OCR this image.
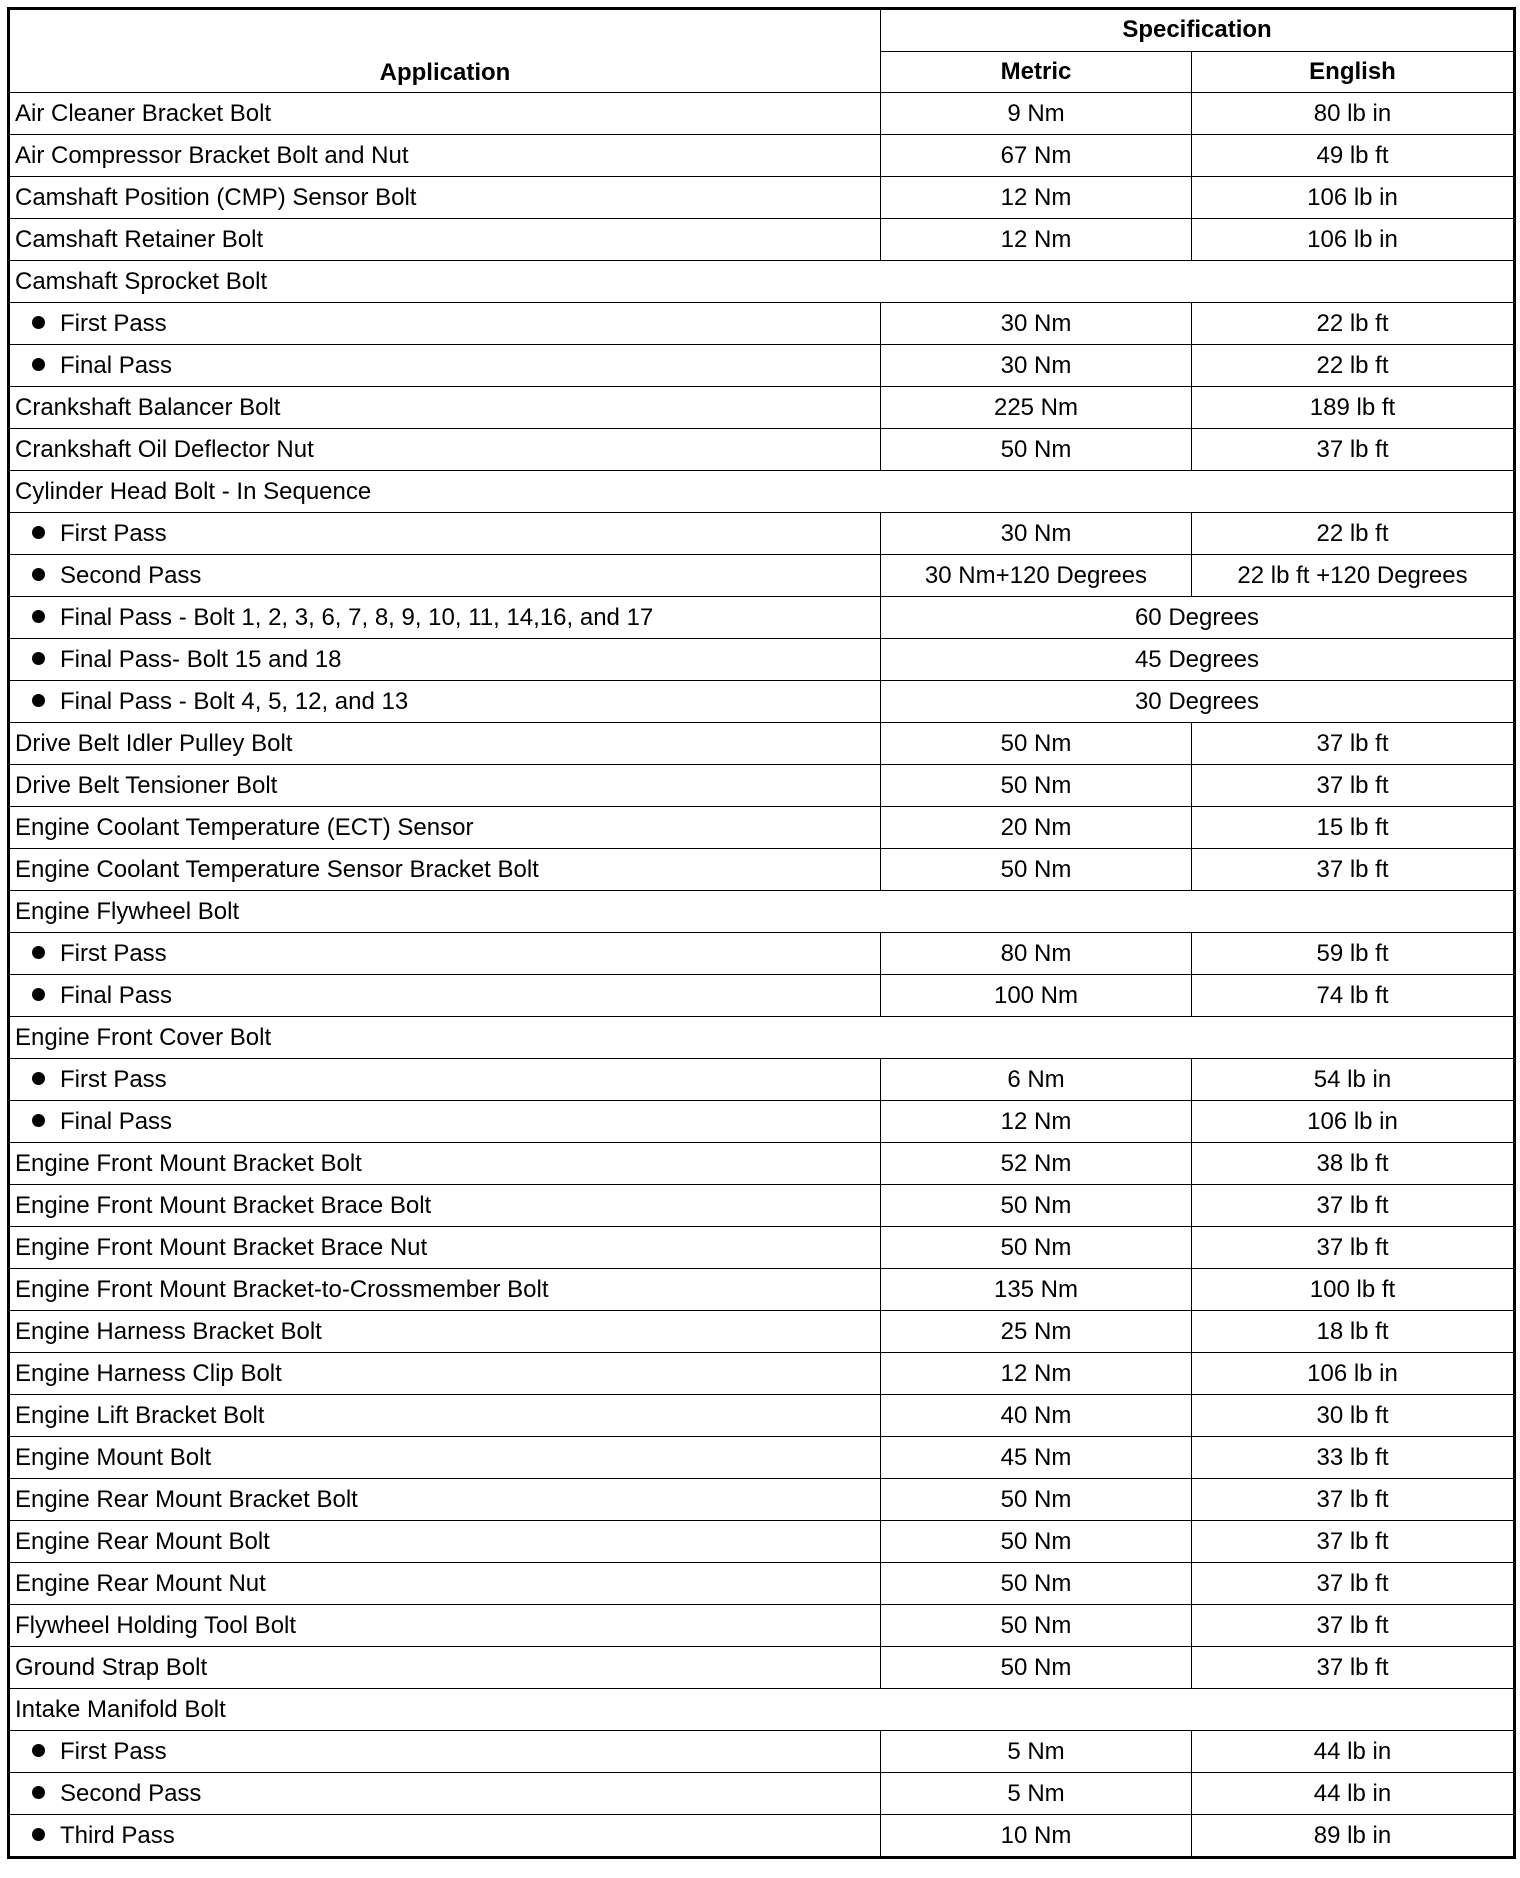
Application	Specification	
	Metric	English
Air Cleaner Bracket Bolt	9 Nm	80 lb in
Air Compressor Bracket Bolt and Nut	67 Nm	49 lb ft
Camshaft Position (CMP) Sensor Bolt	12 Nm	106 lb in
Camshaft Retainer Bolt	12 Nm	106 lb in
Camshaft Sprocket Bolt		
First Pass	30 Nm	22 lb ft
Final Pass	30 Nm	22 lb ft
Crankshaft Balancer Bolt	225 Nm	189 lb ft
Crankshaft Oil Deflector Nut	50 Nm	37 lb ft
Cylinder Head Bolt - In Sequence		
First Pass	30 Nm	22 lb ft
Second Pass	30 Nm+120 Degrees	22 lb ft +120 Degrees
Final Pass - Bolt 1, 2, 3, 6, 7, 8, 9, 10, 11, 14,16, and 17	60 Degrees	
Final Pass- Bolt 15 and 18	45 Degrees	
Final Pass - Bolt 4, 5, 12, and 13	30 Degrees	
Drive Belt Idler Pulley Bolt	50 Nm	37 lb ft
Drive Belt Tensioner Bolt	50 Nm	37 lb ft
Engine Coolant Temperature (ECT) Sensor	20 Nm	15 lb ft
Engine Coolant Temperature Sensor Bracket Bolt	50 Nm	37 lb ft
Engine Flywheel Bolt		
First Pass	80 Nm	59 lb ft
Final Pass	100 Nm	74 lb ft
Engine Front Cover Bolt		
First Pass	6 Nm	54 lb in
Final Pass	12 Nm	106 lb in
Engine Front Mount Bracket Bolt	52 Nm	38 lb ft
Engine Front Mount Bracket Brace Bolt	50 Nm	37 lb ft
Engine Front Mount Bracket Brace Nut	50 Nm	37 lb ft
Engine Front Mount Bracket-to-Crossmember Bolt	135 Nm	100 lb ft
Engine Harness Bracket Bolt	25 Nm	18 lb ft
Engine Harness Clip Bolt	12 Nm	106 lb in
Engine Lift Bracket Bolt	40 Nm	30 lb ft
Engine Mount Bolt	45 Nm	33 lb ft
Engine Rear Mount Bracket Bolt	50 Nm	37 lb ft
Engine Rear Mount Bolt	50 Nm	37 lb ft
Engine Rear Mount Nut	50 Nm	37 lb ft
Flywheel Holding Tool Bolt	50 Nm	37 lb ft
Ground Strap Bolt	50 Nm	37 lb ft
Intake Manifold Bolt		
First Pass	5 Nm	44 lb in
Second Pass	5 Nm	44 lb in
Third Pass	10 Nm	89 lb in
